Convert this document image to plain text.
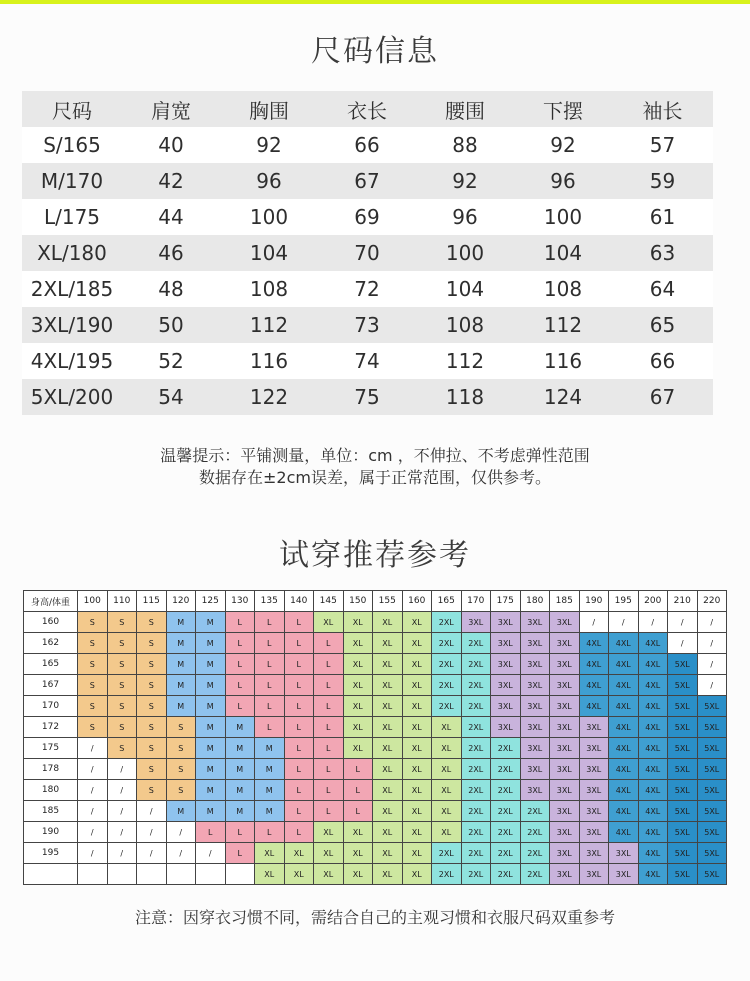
尺码信息
尺码	肩宽	胸围	衣长	腰围	下摆	袖长
S/165	40	92	66	88	92	57
M/170	42	96	67	92	96	59
L/175	44	100	69	96	100	61
XL/180	46	104	70	100	104	63
2XL/185	48	108	72	104	108	64
3XL/190	50	112	73	108	112	65
4XL/195	52	116	74	112	116	66
5XL/200	54	122	75	118	124	67
温馨提示：平铺测量，单位：cm ，不伸拉、不考虑弹性范围
数据存在±2cm误差，属于正常范围，仅供参考。
试穿推荐参考
身高/体重	100	110	115	120	125	130	135	140	145	150	155	160	165	170	175	180	185	190	195	200	210	220
160	S	S	S	M	M	L	L	L	XL	XL	XL	XL	2XL	3XL	3XL	3XL	3XL	/	/	/	/	/
162	S	S	S	M	M	L	L	L	L	XL	XL	XL	2XL	2XL	3XL	3XL	3XL	4XL	4XL	4XL	/	/
165	S	S	S	M	M	L	L	L	L	XL	XL	XL	2XL	2XL	3XL	3XL	3XL	4XL	4XL	4XL	5XL	/
167	S	S	S	M	M	L	L	L	L	XL	XL	XL	2XL	2XL	3XL	3XL	3XL	4XL	4XL	4XL	5XL	/
170	S	S	S	M	M	L	L	L	L	XL	XL	XL	2XL	2XL	3XL	3XL	3XL	4XL	4XL	4XL	5XL	5XL
172	S	S	S	S	M	M	L	L	L	XL	XL	XL	XL	2XL	3XL	3XL	3XL	3XL	4XL	4XL	5XL	5XL
175	/	S	S	S	M	M	M	L	L	XL	XL	XL	XL	2XL	2XL	3XL	3XL	3XL	4XL	4XL	5XL	5XL
178	/	/	S	S	M	M	M	L	L	L	XL	XL	XL	2XL	2XL	3XL	3XL	3XL	4XL	4XL	5XL	5XL
180	/	/	S	S	M	M	M	L	L	L	XL	XL	XL	2XL	2XL	3XL	3XL	3XL	4XL	4XL	5XL	5XL
185	/	/	/	M	M	M	M	L	L	L	XL	XL	XL	2XL	2XL	2XL	3XL	3XL	4XL	4XL	5XL	5XL
190	/	/	/	/	L	L	L	L	XL	XL	XL	XL	XL	2XL	2XL	2XL	3XL	3XL	4XL	4XL	5XL	5XL
195	/	/	/	/	/	L	XL	XL	XL	XL	XL	XL	2XL	2XL	2XL	2XL	3XL	3XL	3XL	4XL	5XL	5XL
							XL	XL	XL	XL	XL	XL	2XL	2XL	2XL	2XL	3XL	3XL	3XL	4XL	5XL	5XL
注意：因穿衣习惯不同，需结合自己的主观习惯和衣服尺码双重参考
